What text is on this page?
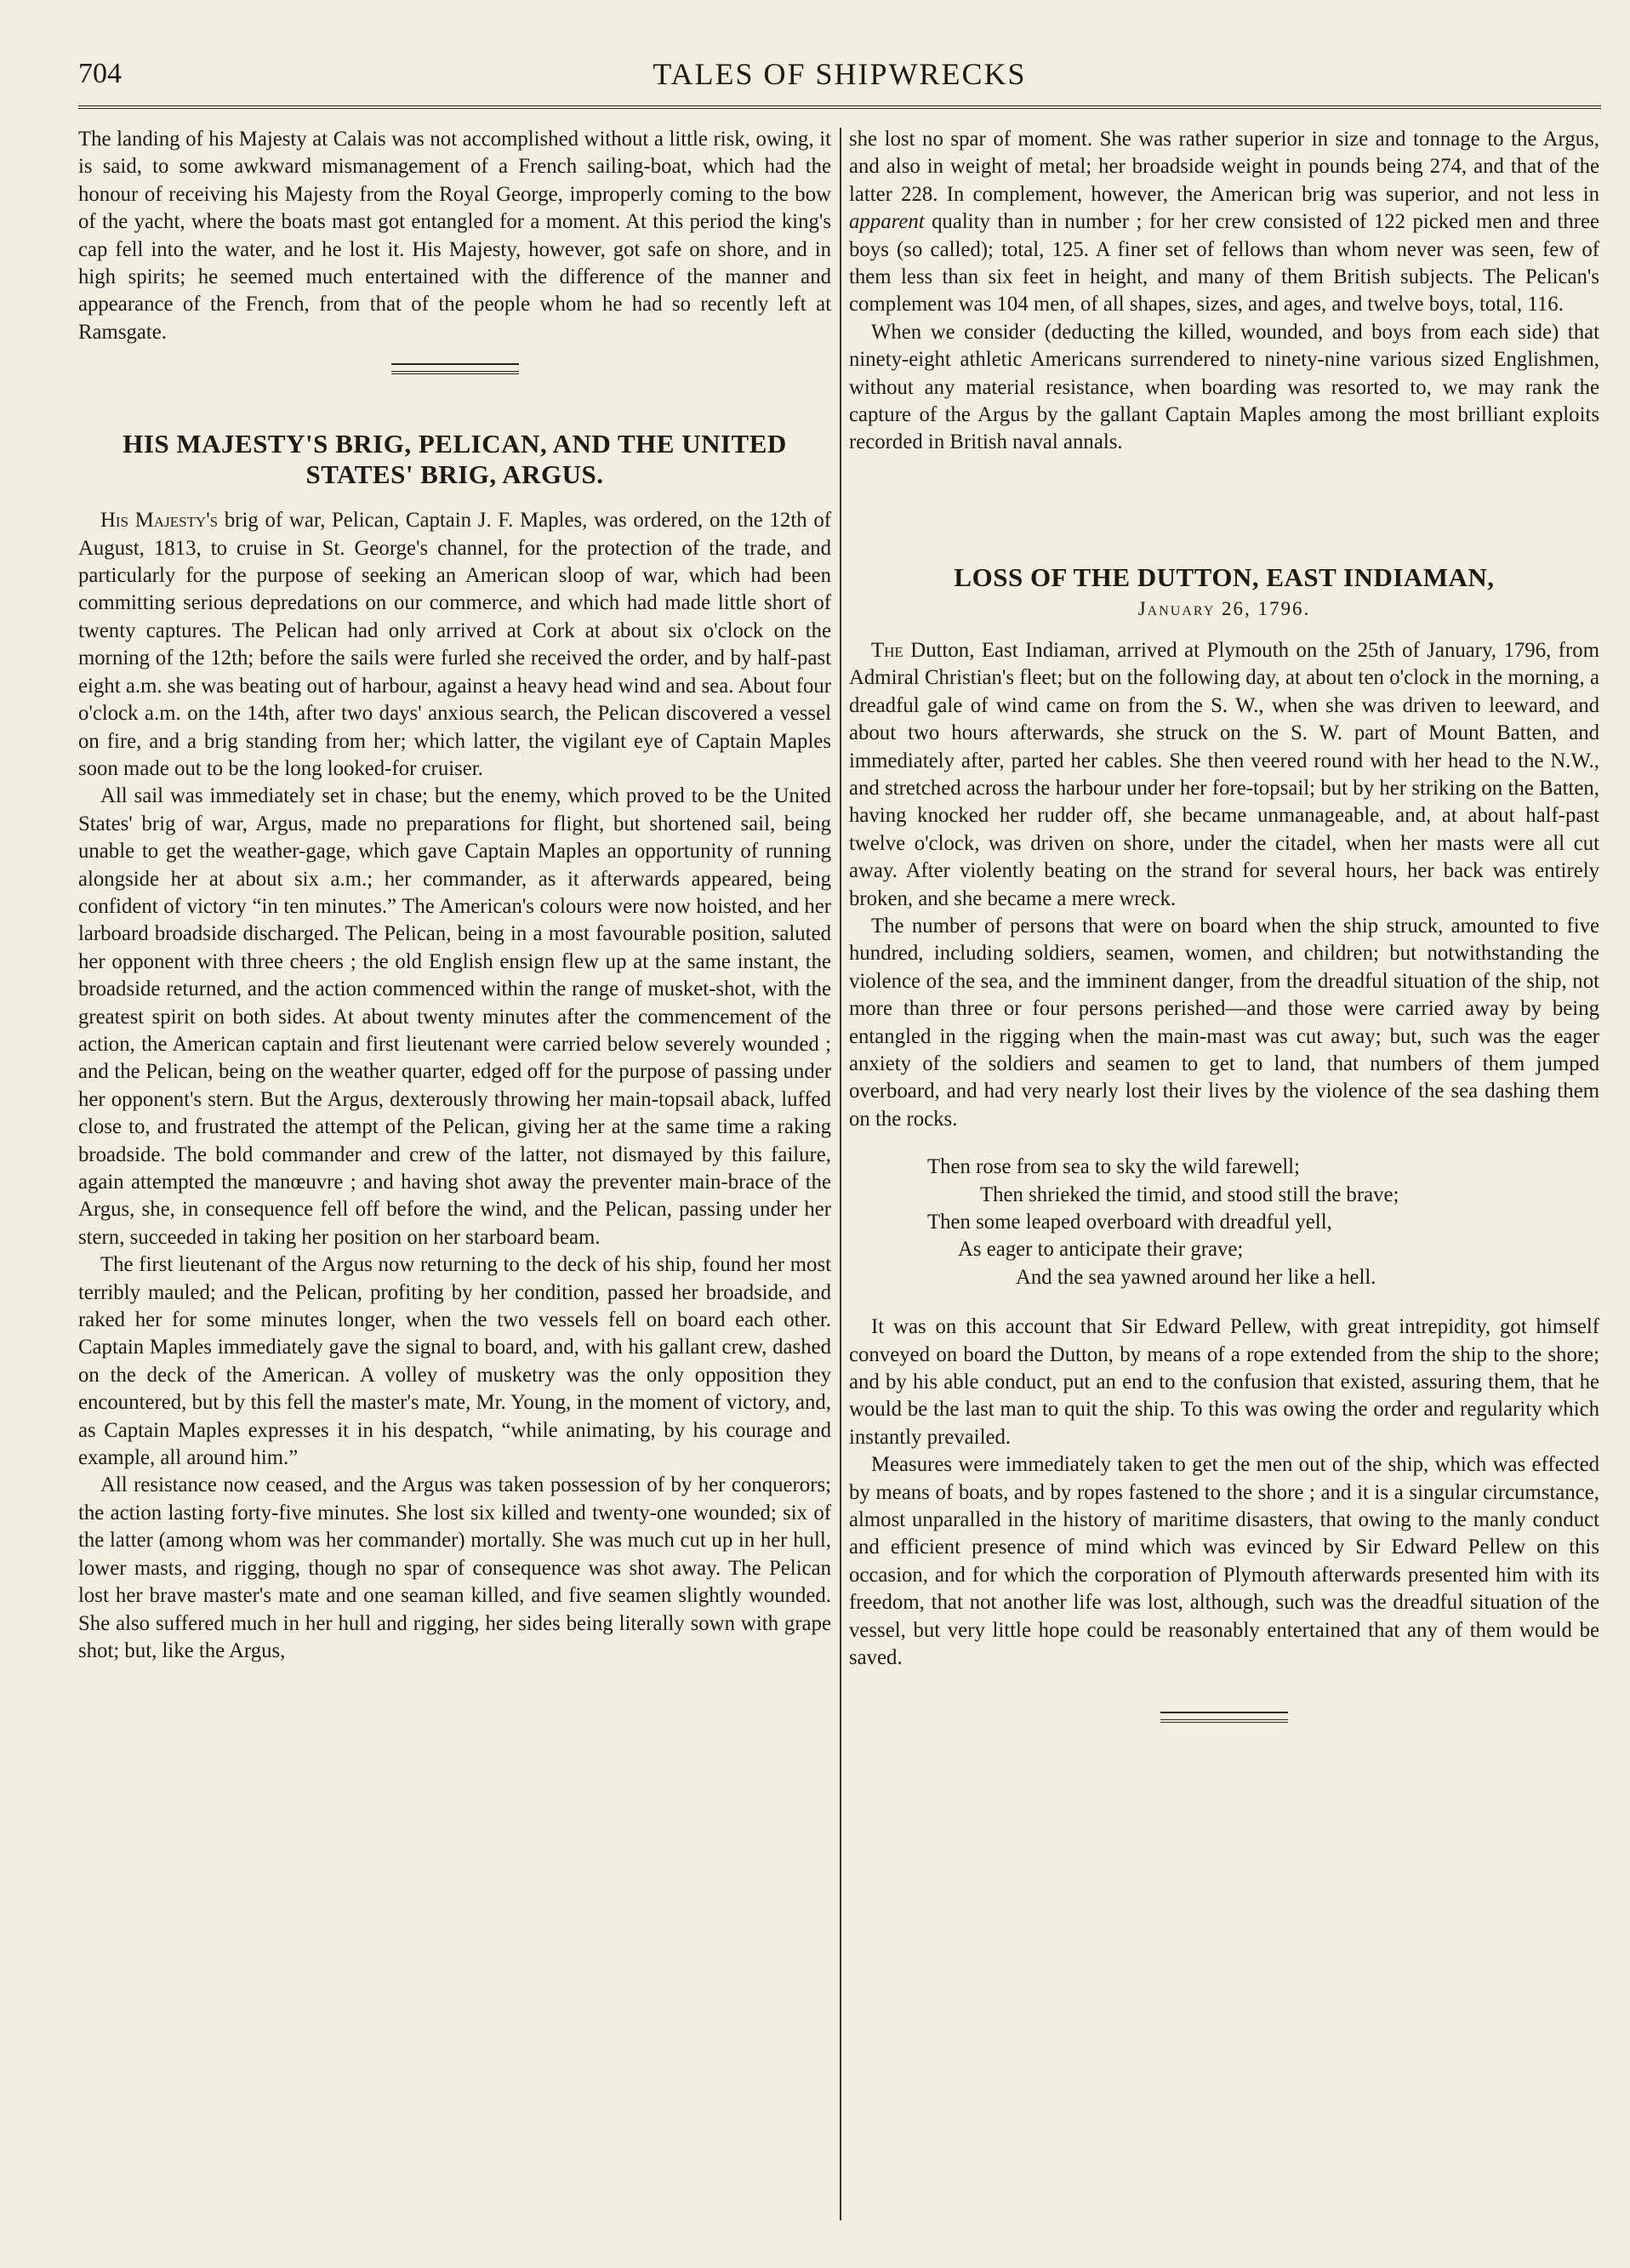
704	TALES OF SHIPWRECKS

The landing of his Majesty at Calais was not accomplished without a little risk, owing, it is said, to some awkward mismanagement of a French sailing-boat, which had the honour of receiving his Majesty from the Royal George, improperly coming to the bow of the yacht, where the boats mast got entangled for a moment. At this period the king's cap fell into the water, and he lost it. His Majesty, however, got safe on shore, and in high spirits; he seemed much entertained with the difference of the manner and appearance of the French, from that of the people whom he had so recently left at Ramsgate.

HIS MAJESTY'S BRIG, PELICAN, AND THE UNITED
STATES' BRIG, ARGUS.

His Majesty's brig of war, Pelican, Captain J. F. Maples, was ordered, on the 12th of August, 1813, to cruise in St. George's channel, for the protection of the trade, and particularly for the purpose of seeking an American sloop of war, which had been committing serious depredations on our commerce, and which had made little short of twenty captures. The Pelican had only arrived at Cork at about six o'clock on the morning of the 12th; before the sails were furled she received the order, and by half-past eight a.m. she was beating out of harbour, against a heavy head wind and sea. About four o'clock a.m. on the 14th, after two days' anxious search, the Pelican discovered a vessel on fire, and a brig standing from her; which latter, the vigilant eye of Captain Maples soon made out to be the long looked-for cruiser.

All sail was immediately set in chase; but the enemy, which proved to be the United States' brig of war, Argus, made no preparations for flight, but shortened sail, being unable to get the weather-gage, which gave Captain Maples an opportunity of running alongside her at about six a.m.; her commander, as it afterwards appeared, being confident of victory “in ten minutes.” The American's colours were now hoisted, and her larboard broadside discharged. The Pelican, being in a most favourable position, saluted her opponent with three cheers ; the old English ensign flew up at the same instant, the broadside returned, and the action commenced within the range of musket-shot, with the greatest spirit on both sides. At about twenty minutes after the commencement of the action, the American captain and first lieutenant were carried below severely wounded ; and the Pelican, being on the weather quarter, edged off for the purpose of passing under her opponent's stern. But the Argus, dexterously throwing her main-topsail aback, luffed close to, and frustrated the attempt of the Pelican, giving her at the same time a raking broadside. The bold commander and crew of the latter, not dismayed by this failure, again attempted the manœuvre ; and having shot away the preventer main-brace of the Argus, she, in consequence fell off before the wind, and the Pelican, passing under her stern, succeeded in taking her position on her starboard beam.

The first lieutenant of the Argus now returning to the deck of his ship, found her most terribly mauled; and the Pelican, profiting by her condition, passed her broadside, and raked her for some minutes longer, when the two vessels fell on board each other. Captain Maples immediately gave the signal to board, and, with his gallant crew, dashed on the deck of the American. A volley of musketry was the only opposition they encountered, but by this fell the master's mate, Mr. Young, in the moment of victory, and, as Captain Maples expresses it in his despatch, “while animating, by his courage and example, all around him.”

All resistance now ceased, and the Argus was taken possession of by her conquerors; the action lasting forty-five minutes. She lost six killed and twenty-one wounded; six of the latter (among whom was her commander) mortally. She was much cut up in her hull, lower masts, and rigging, though no spar of consequence was shot away. The Pelican lost her brave master's mate and one seaman killed, and five seamen slightly wounded. She also suffered much in her hull and rigging, her sides being literally sown with grape shot; but, like the Argus,

she lost no spar of moment. She was rather superior in size and tonnage to the Argus, and also in weight of metal; her broadside weight in pounds being 274, and that of the latter 228. In complement, however, the American brig was superior, and not less in apparent quality than in number ; for her crew consisted of 122 picked men and three boys (so called); total, 125. A finer set of fellows than whom never was seen, few of them less than six feet in height, and many of them British subjects. The Pelican's complement was 104 men, of all shapes, sizes, and ages, and twelve boys, total, 116.

When we consider (deducting the killed, wounded, and boys from each side) that ninety-eight athletic Americans surrendered to ninety-nine various sized Englishmen, without any material resistance, when boarding was resorted to, we may rank the capture of the Argus by the gallant Captain Maples among the most brilliant exploits recorded in British naval annals.

LOSS OF THE DUTTON, EAST INDIAMAN,
January 26, 1796.

The Dutton, East Indiaman, arrived at Plymouth on the 25th of January, 1796, from Admiral Christian's fleet; but on the following day, at about ten o'clock in the morning, a dreadful gale of wind came on from the S. W., when she was driven to leeward, and about two hours afterwards, she struck on the S. W. part of Mount Batten, and immediately after, parted her cables. She then veered round with her head to the N.W., and stretched across the harbour under her fore-topsail; but by her striking on the Batten, having knocked her rudder off, she became unmanageable, and, at about half-past twelve o'clock, was driven on shore, under the citadel, when her masts were all cut away. After violently beating on the strand for several hours, her back was entirely broken, and she became a mere wreck.

The number of persons that were on board when the ship struck, amounted to five hundred, including soldiers, seamen, women, and children; but notwithstanding the violence of the sea, and the imminent danger, from the dreadful situation of the ship, not more than three or four persons perished—and those were carried away by being entangled in the rigging when the main-mast was cut away; but, such was the eager anxiety of the soldiers and seamen to get to land, that numbers of them jumped overboard, and had very nearly lost their lives by the violence of the sea dashing them on the rocks.

Then rose from sea to sky the wild farewell;
Then shrieked the timid, and stood still the brave;
Then some leaped overboard with dreadful yell,
As eager to anticipate their grave;
And the sea yawned around her like a hell.

It was on this account that Sir Edward Pellew, with great intrepidity, got himself conveyed on board the Dutton, by means of a rope extended from the ship to the shore; and by his able conduct, put an end to the confusion that existed, assuring them, that he would be the last man to quit the ship. To this was owing the order and regularity which instantly prevailed.

Measures were immediately taken to get the men out of the ship, which was effected by means of boats, and by ropes fastened to the shore ; and it is a singular circumstance, almost unparalled in the history of maritime disasters, that owing to the manly conduct and efficient presence of mind which was evinced by Sir Edward Pellew on this occasion, and for which the corporation of Plymouth afterwards presented him with its freedom, that not another life was lost, although, such was the dreadful situation of the vessel, but very little hope could be reasonably entertained that any of them would be saved.
